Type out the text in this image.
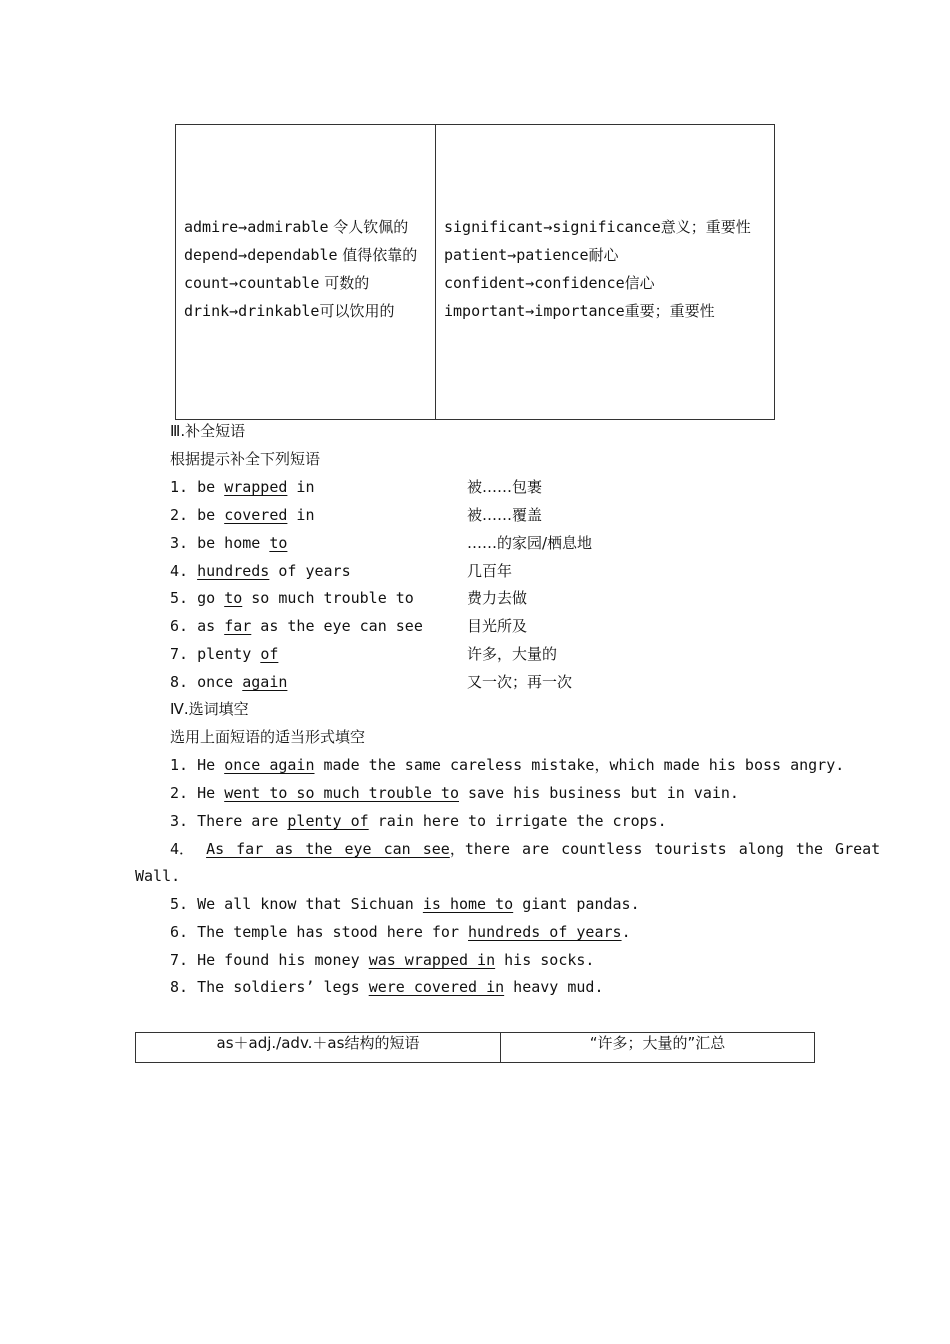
admire→admirable 令人钦佩的
depend→dependable 值得依靠的
count→countable 可数的
drink→drinkable可以饮用的
significant→significance意义；重要性
patient→patience耐心
confident→confidence信心
important→importance重要；重要性
Ⅲ.补全短语
根据提示补全下列短语
1. be wrapped in	被……包裹
2. be covered in	被……覆盖
3. be home to	……的家园/栖息地
4. hundreds of years	几百年
5. go to so much trouble to	费力去做
6. as far as the eye can see	目光所及
7. plenty of	许多，大量的
8. once again	又一次；再一次
Ⅳ.选词填空
选用上面短语的适当形式填空
1. He once again made the same careless mistake，which made his boss angry.
2. He went to so much trouble to save his business but in vain.
3. There are plenty of rain here to irrigate the crops.
4． As far as the eye can see，there are countless tourists along the Great
Wall.
5. We all know that Sichuan is home to giant pandas.
6. The temple has stood here for hundreds of years.
7. He found his money was wrapped in his socks.
8. The soldiers’ legs were covered in heavy mud.
as＋adj./adv.＋as结构的短语	“许多；大量的”汇总
